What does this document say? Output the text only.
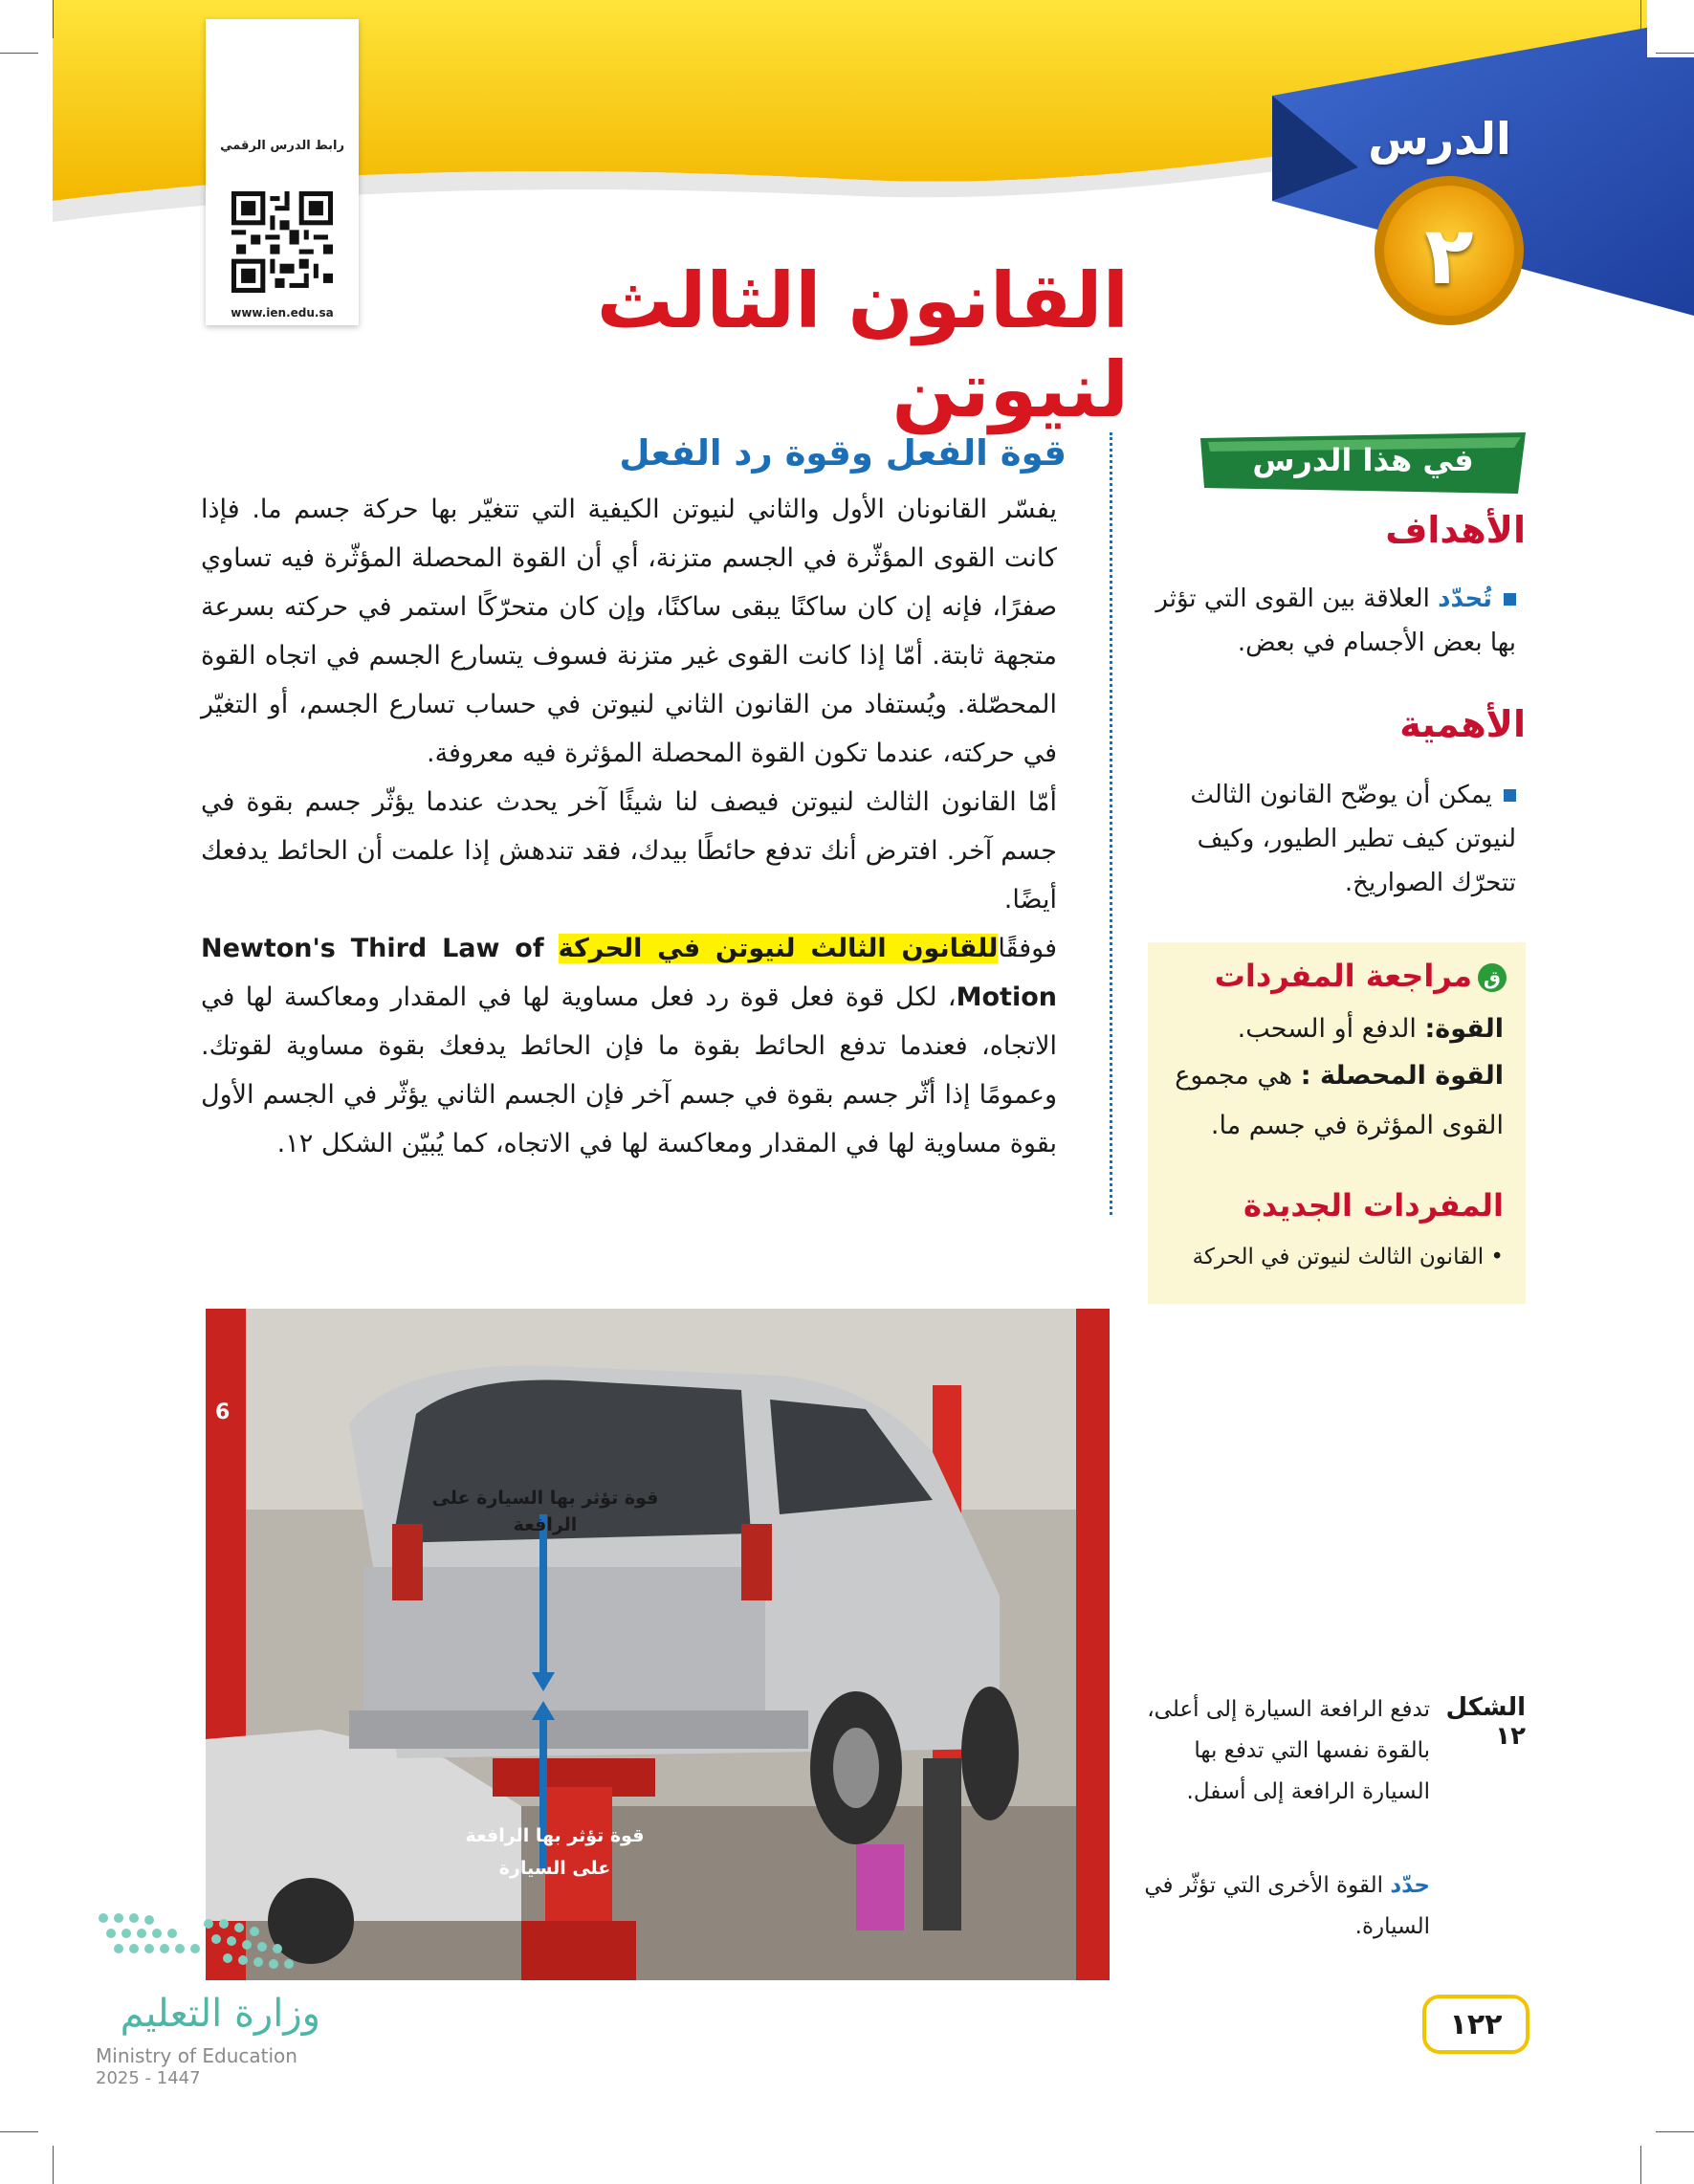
رابط الدرس الرقمي
www.ien.edu.sa
الدرس
٢
القانون الثالث لنيوتن
في هذا الدرس
الأهداف
تُحدّد العلاقة بين القوى التي تؤثر بها بعض الأجسام في بعض.
الأهمية
يمكن أن يوضّح القانون الثالث لنيوتن كيف تطير الطيور، وكيف تتحرّك الصواريخ.
قمراجعة المفردات
القوة: الدفع أو السحب.
القوة المحصلة : هي مجموع القوى المؤثرة في جسم ما.
المفردات الجديدة
• القانون الثالث لنيوتن في الحركة
قوة الفعل وقوة رد الفعل

يفسّر القانونان الأول والثاني لنيوتن الكيفية التي تتغيّر بها حركة جسم ما. فإذا كانت القوى المؤثّرة في الجسم متزنة، أي أن القوة المحصلة المؤثّرة فيه تساوي صفرًا، فإنه إن كان ساكنًا يبقى ساكنًا، وإن كان متحرّكًا استمر في حركته بسرعة متجهة ثابتة. أمّا إذا كانت القوى غير متزنة فسوف يتسارع الجسم في اتجاه القوة المحصّلة. ويُستفاد من القانون الثاني لنيوتن في حساب تسارع الجسم، أو التغيّر في حركته، عندما تكون القوة المحصلة المؤثرة فيه معروفة.

أمّا القانون الثالث لنيوتن فيصف لنا شيئًا آخر يحدث عندما يؤثّر جسم بقوة في جسم آخر. افترض أنك تدفع حائطًا بيدك، فقد تندهش إذا علمت أن الحائط يدفعك أيضًا.

فوفقًاللقانون الثالث لنيوتن في الحركة Newton's Third Law of Motion، لكل قوة فعل قوة رد فعل مساوية لها في المقدار ومعاكسة لها في الاتجاه، فعندما تدفع الحائط بقوة ما فإن الحائط يدفعك بقوة مساوية لقوتك. وعمومًا إذا أثّر جسم بقوة في جسم آخر فإن الجسم الثاني يؤثّر في الجسم الأول بقوة مساوية لها في المقدار ومعاكسة لها في الاتجاه، كما يُبيّن الشكل ١٢.

6
قوة تؤثر بها السيارة على الرافعة
قوة تؤثر بها الرافعة على السيارة
الشكل ١٢
تدفع الرافعة السيارة إلى أعلى، بالقوة نفسها التي تدفع بها السيارة الرافعة إلى أسفل.
حدّد القوة الأخرى التي تؤثّر في السيارة.
١٢٢
وزارة التعليم
Ministry of Education
2025 - 1447
